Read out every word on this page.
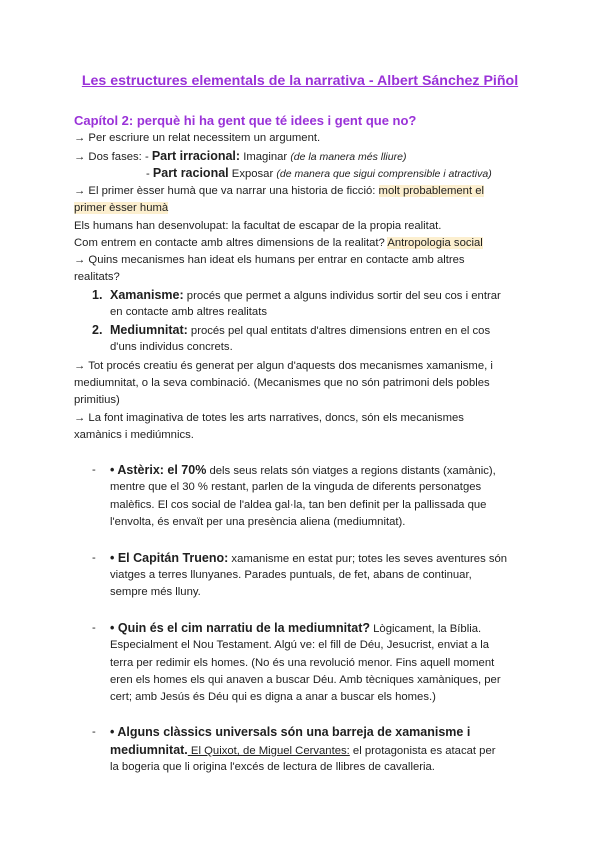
Les estructures elementals de la narrativa - Albert Sánchez Piñol
Capítol 2: perquè hi ha gent que té idees i gent que no?
→ Per escriure un relat necessitem un argument.
→ Dos fases: - Part irracional: Imaginar (de la manera més lliure)
- Part racional Exposar (de manera que sigui comprensible i atractiva)
→ El primer èsser humà que va narrar una historia de ficció: molt probablement el
primer èsser humà
Els humans han desenvolupat: la facultat de escapar de la propia realitat.
Com entrem en contacte amb altres dimensions de la realitat? Antropologia social
→ Quins mecanismes han ideat els humans per entrar en contacte amb altres
realitats?
1. Xamanisme: procés que permet a alguns individus sortir del seu cos i entrar
en contacte amb altres realitats
2. Mediumnitat: procés pel qual entitats d'altres dimensions entren en el cos
d'uns individus concrets.
→ Tot procés creatiu és generat per algun d'aquests dos mecanismes xamanisme, i
mediumnitat, o la seva combinació. (Mecanismes que no són patrimoni dels pobles
primitius)
→ La font imaginativa de totes les arts narratives, doncs, són els mecanismes
xamànics i mediúmnics.
- • Astèrix: el 70% dels seus relats són viatges a regions distants (xamànic),
mentre que el 30 % restant, parlen de la vinguda de diferents personatges
malèfics. El cos social de l'aldea gal·la, tan ben definit per la pallissada que
l'envolta, és envaït per una presència aliena (mediumnitat).
- • El Capitán Trueno: xamanisme en estat pur; totes les seves aventures són
viatges a terres llunyanes. Parades puntuals, de fet, abans de continuar,
sempre més lluny.
- • Quin és el cim narratiu de la mediumnitat? Lògicament, la Bíblia.
Especialment el Nou Testament. Algú ve: el fill de Déu, Jesucrist, enviat a la
terra per redimir els homes. (No és una revolució menor. Fins aquell moment
eren els homes els qui anaven a buscar Déu. Amb tècniques xamàniques, per
cert; amb Jesús és Déu qui es digna a anar a buscar els homes.)
- • Alguns clàssics universals són una barreja de xamanisme i
mediumnitat. El Quixot, de Miguel Cervantes: el protagonista es atacat per
la bogeria que li origina l'excés de lectura de llibres de cavalleria.
